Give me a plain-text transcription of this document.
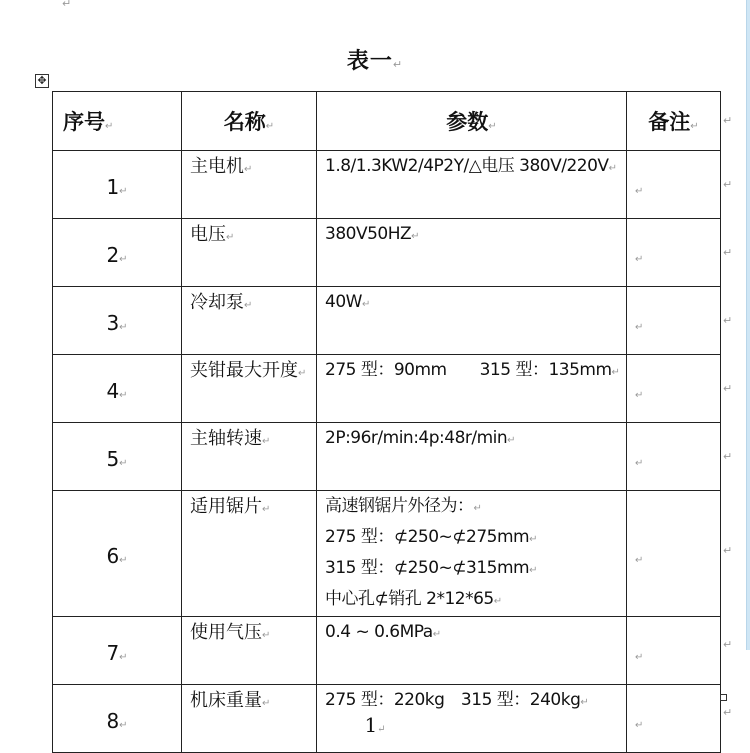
↵
表一↵
✥
序号↵	名称↵	参数↵	备注↵
1↵	主电机↵	1.8/1.3KW2/4P2Y/△电压 380V/220V↵	↵
2↵	电压↵	380V50HZ↵	↵
3↵	冷却泵↵	40W↵	↵
4↵	夹钳最大开度↵	275 型：90mm　　315 型：135mm↵	↵
5↵	主轴转速↵	2P:96r/min:4p:48r/min↵	↵
6↵	适用锯片↵	高速钢锯片外径为：↵
275 型：⊄250~⊄275mm↵
315 型：⊄250~⊄315mm↵
中心孔⊄销孔 2*12*65↵	↵
7↵	使用气压↵	0.4 ~ 0.6MPa↵	↵
8↵	机床重量↵	275 型：220kg　315 型：240kg↵	↵
↵
↵
↵
↵
↵
↵
↵
↵
↵
1↵
